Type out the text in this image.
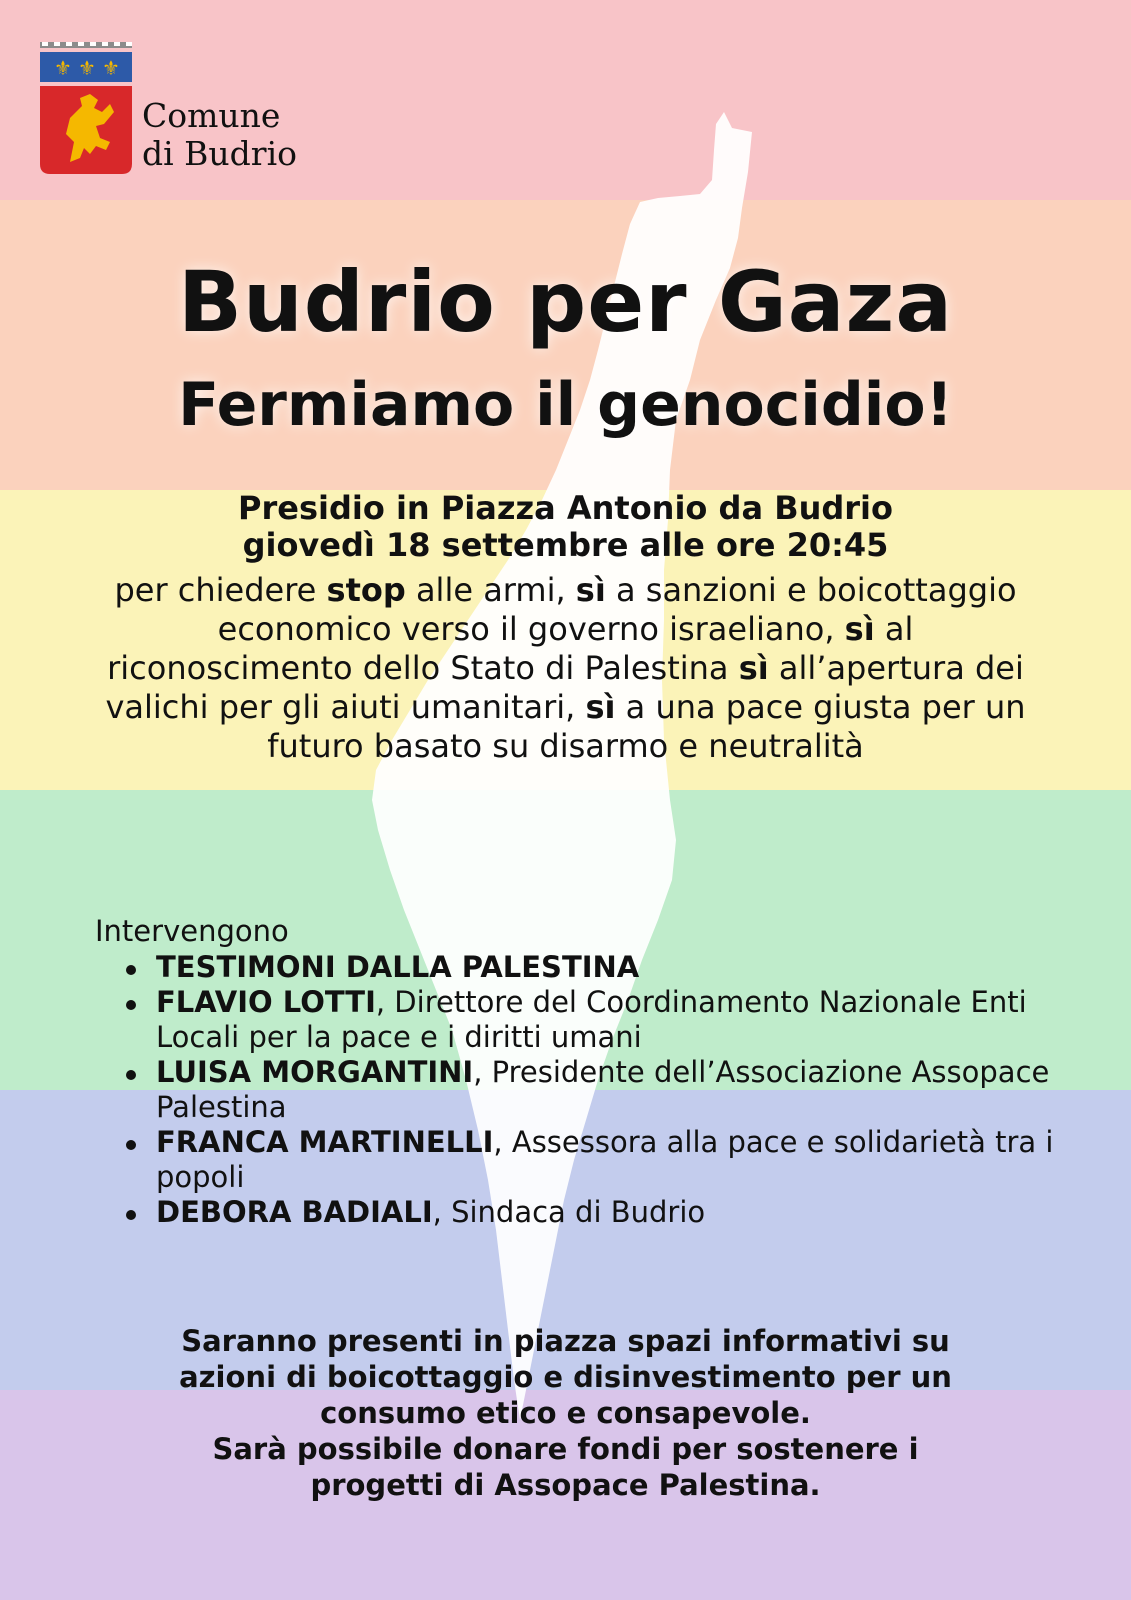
⚜ ⚜ ⚜
Comune
di Budrio
Budrio per Gaza
Fermiamo il genocidio!
Presidio in Piazza Antonio da Budrio
giovedì 18 settembre alle ore 20:45
per chiedere stop alle armi, sì a sanzioni e boicottaggio economico verso il governo israeliano, sì al riconoscimento dello Stato di Palestina sì all’apertura dei valichi per gli aiuti umanitari, sì a una pace giusta per un futuro basato su disarmo e neutralità
Intervengono
TESTIMONI DALLA PALESTINA
FLAVIO LOTTI, Direttore del Coordinamento Nazionale Enti Locali per la pace e i diritti umani
LUISA MORGANTINI, Presidente dell’Associazione Assopace Palestina
FRANCA MARTINELLI, Assessora alla pace e solidarietà tra i popoli
DEBORA BADIALI, Sindaca di Budrio
Saranno presenti in piazza spazi informativi su
azioni di boicottaggio e disinvestimento per un
consumo etico e consapevole.
Sarà possibile donare fondi per sostenere i
progetti di Assopace Palestina.
